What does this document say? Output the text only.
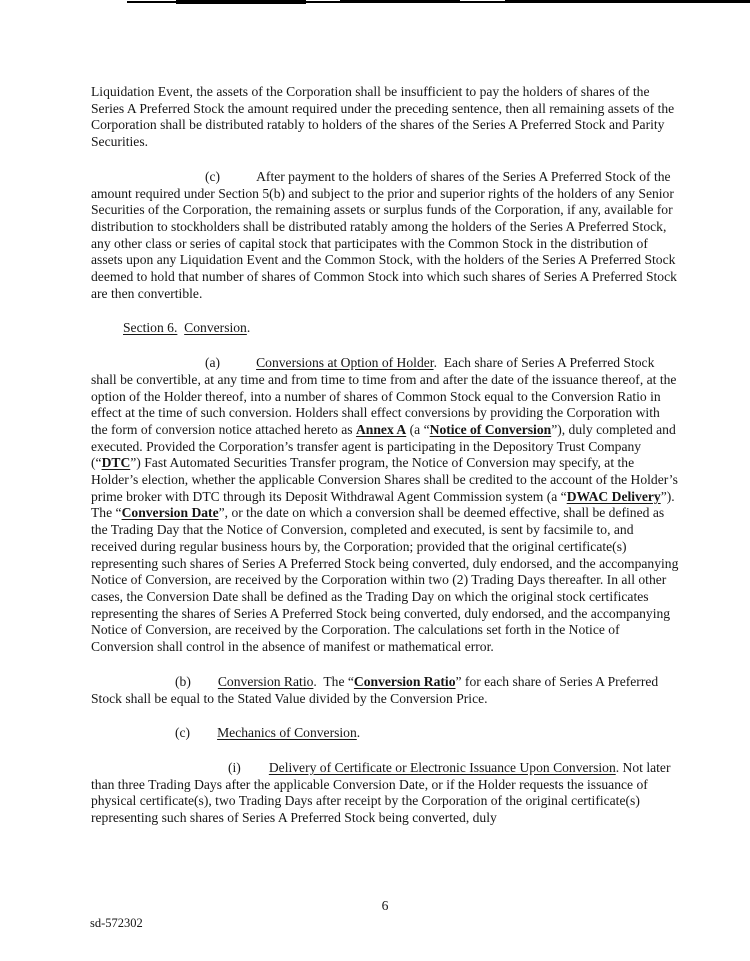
Liquidation Event, the assets of the Corporation shall be insufficient to pay the holders of shares of the Series A Preferred Stock the amount required under the preceding sentence, then all remaining assets of the Corporation shall be distributed ratably to holders of the shares of the Series A Preferred Stock and Parity Securities.

(c)	After payment to the holders of shares of the Series A Preferred Stock of the amount required under Section 5(b) and subject to the prior and superior rights of the holders of any Senior Securities of the Corporation, the remaining assets or surplus funds of the Corporation, if any, available for distribution to stockholders shall be distributed ratably among the holders of the Series A Preferred Stock, any other class or series of capital stock that participates with the Common Stock in the distribution of assets upon any Liquidation Event and the Common Stock, with the holders of the Series A Preferred Stock deemed to hold that number of shares of Common Stock into which such shares of Series A Preferred Stock are then convertible.

Section 6. Conversion.

(a)	Conversions at Option of Holder.  Each share of Series A Preferred Stock shall be convertible, at any time and from time to time from and after the date of the issuance thereof, at the option of the Holder thereof, into a number of shares of Common Stock equal to the Conversion Ratio in effect at the time of such conversion. Holders shall effect conversions by providing the Corporation with the form of conversion notice attached hereto as Annex A (a “Notice of Conversion”), duly completed and executed. Provided the Corporation’s transfer agent is participating in the Depository Trust Company (“DTC”) Fast Automated Securities Transfer program, the Notice of Conversion may specify, at the Holder’s election, whether the applicable Conversion Shares shall be credited to the account of the Holder’s prime broker with DTC through its Deposit Withdrawal Agent Commission system (a “DWAC Delivery”). The “Conversion Date”, or the date on which a conversion shall be deemed effective, shall be defined as the Trading Day that the Notice of Conversion, completed and executed, is sent by facsimile to, and received during regular business hours by, the Corporation; provided that the original certificate(s) representing such shares of Series A Preferred Stock being converted, duly endorsed, and the accompanying Notice of Conversion, are received by the Corporation within two (2) Trading Days thereafter. In all other cases, the Conversion Date shall be defined as the Trading Day on which the original stock certificates representing the shares of Series A Preferred Stock being converted, duly endorsed, and the accompanying Notice of Conversion, are received by the Corporation. The calculations set forth in the Notice of Conversion shall control in the absence of manifest or mathematical error.

(b) Conversion Ratio.  The “Conversion Ratio” for each share of Series A Preferred Stock shall be equal to the Stated Value divided by the Conversion Price.

(c) Mechanics of Conversion.

(i) Delivery of Certificate or Electronic Issuance Upon Conversion. Not later than three Trading Days after the applicable Conversion Date, or if the Holder requests the issuance of physical certificate(s), two Trading Days after receipt by the Corporation of the original certificate(s) representing such shares of Series A Preferred Stock being converted, duly

6
sd-572302
